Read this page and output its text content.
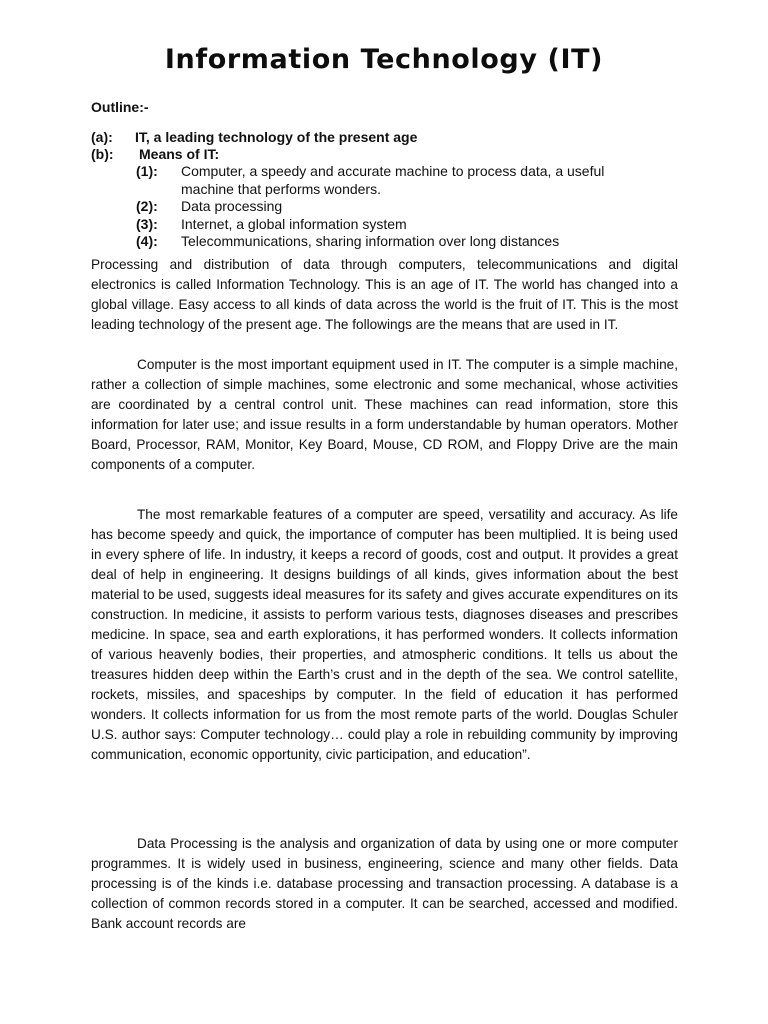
Information Technology (IT)

Outline:-

(a): IT, a leading technology of the present age
(b): Means of IT:
(1): Computer, a speedy and accurate machine to process data, a useful
machine that performs wonders.
(2): Data processing
(3): Internet, a global information system
(4): Telecommunications, sharing information over long distances

Processing and distribution of data through computers, telecommunications and digital electronics is called Information Technology. This is an age of IT. The world has changed into a global village. Easy access to all kinds of data across the world is the fruit of IT. This is the most leading technology of the present age. The followings are the means that are used in IT.

Computer is the most important equipment used in IT. The computer is a simple machine, rather a collection of simple machines, some electronic and some mechanical, whose activities are coordinated by a central control unit. These machines can read information, store this information for later use; and issue results in a form understandable by human operators. Mother Board, Processor, RAM, Monitor, Key Board, Mouse, CD ROM, and Floppy Drive are the main components of a computer.

The most remarkable features of a computer are speed, versatility and accuracy. As life has become speedy and quick, the importance of computer has been multiplied. It is being used in every sphere of life. In industry, it keeps a record of goods, cost and output. It provides a great deal of help in engineering. It designs buildings of all kinds, gives information about the best material to be used, suggests ideal measures for its safety and gives accurate expenditures on its construction. In medicine, it assists to perform various tests, diagnoses diseases and prescribes medicine. In space, sea and earth explorations, it has performed wonders. It collects information of various heavenly bodies, their properties, and atmospheric conditions. It tells us about the treasures hidden deep within the Earth’s crust and in the depth of the sea. We control satellite, rockets, missiles, and spaceships by computer. In the field of education it has performed wonders. It collects information for us from the most remote parts of the world. Douglas Schuler U.S. author says: Computer technology… could play a role in rebuilding community by improving communication, economic opportunity, civic participation, and education”.

Data Processing is the analysis and organization of data by using one or more computer programmes. It is widely used in business, engineering, science and many other fields. Data processing is of the kinds i.e. database processing and transaction processing. A database is a collection of common records stored in a computer. It can be searched, accessed and modified. Bank account records are
